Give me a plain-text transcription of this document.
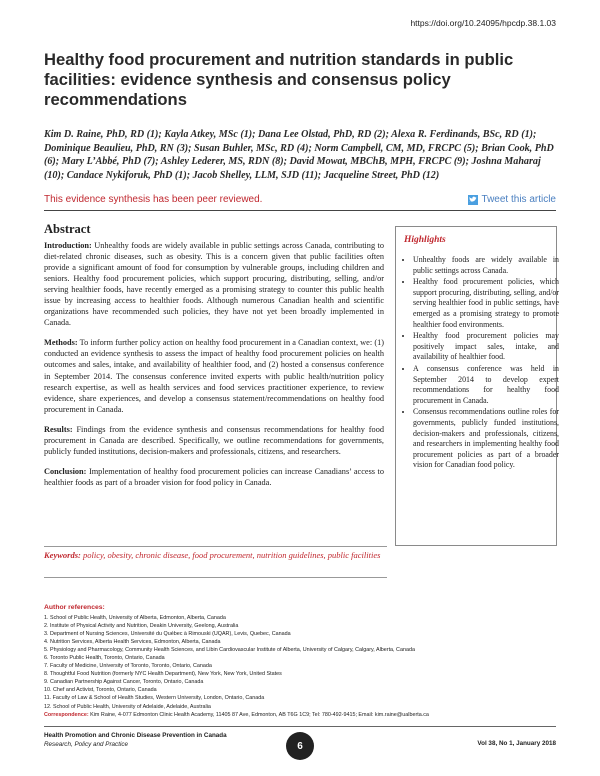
https://doi.org/10.24095/hpcdp.38.1.03
Healthy food procurement and nutrition standards in public facilities: evidence synthesis and consensus policy recommendations
Kim D. Raine, PhD, RD (1); Kayla Atkey, MSc (1); Dana Lee Olstad, PhD, RD (2); Alexa R. Ferdinands, BSc, RD (1); Dominique Beaulieu, PhD, RN (3); Susan Buhler, MSc, RD (4); Norm Campbell, CM, MD, FRCPC (5); Brian Cook, PhD (6); Mary L’Abbé, PhD (7); Ashley Lederer, MS, RDN (8); David Mowat, MBChB, MPH, FRCPC (9); Joshna Maharaj (10); Candace Nykiforuk, PhD (1); Jacob Shelley, LLM, SJD (11); Jacqueline Street, PhD (12)
This evidence synthesis has been peer reviewed.	Tweet this article
Abstract

Introduction: Unhealthy foods are widely available in public settings across Canada, contributing to diet-related chronic diseases, such as obesity. This is a concern given that public facilities often provide a significant amount of food for consumption by vulnerable groups, including children and seniors. Healthy food procurement policies, which support procuring, distributing, selling, and/or serving healthier foods, have recently emerged as a promising strategy to counter this public health issue by increasing access to healthier foods. Although numerous Canadian health and scientific organizations have recommended such policies, they have not yet been broadly implemented in Canada.

Methods: To inform further policy action on healthy food procurement in a Canadian context, we: (1) conducted an evidence synthesis to assess the impact of healthy food procurement policies on health outcomes and sales, intake, and availability of healthier food, and (2) hosted a consensus conference in September 2014. The consensus conference invited experts with public health/nutrition policy research expertise, as well as health services and food services practitioner experience, to review evidence, share experiences, and develop a consensus statement/recommendations on healthy food procurement in Canada.

Results: Findings from the evidence synthesis and consensus recommendations for healthy food procurement in Canada are described. Specifically, we outline recommendations for governments, publicly funded institutions, decision-makers and professionals, citizens, and researchers.

Conclusion: Implementation of healthy food procurement policies can increase Canadians’ access to healthier foods as part of a broader vision for food policy in Canada.

Keywords: policy, obesity, chronic disease, food procurement, nutrition guidelines, public facilities
Highlights
• Unhealthy foods are widely available in public settings across Canada.
• Healthy food procurement policies, which support procuring, distributing, selling, and/or serving healthier food in public settings, have emerged as a promising strategy to promote healthier food environments.
• Healthy food procurement policies may positively impact sales, intake, and availability of healthier food.
• A consensus conference was held in September 2014 to develop expert recommendations for healthy food procurement in Canada.
• Consensus recommendations outline roles for governments, publicly funded institutions, decision-makers and professionals, citizens, and researchers in implementing healthy food procurement policies as part of a broader vision for Canadian food policy.
Author references:
1. School of Public Health, University of Alberta, Edmonton, Alberta, Canada
2. Institute of Physical Activity and Nutrition, Deakin University, Geelong, Australia
3. Department of Nursing Sciences, Université du Québec à Rimouski (UQAR), Levis, Quebec, Canada
4. Nutrition Services, Alberta Health Services, Edmonton, Alberta, Canada
5. Physiology and Pharmacology, Community Health Sciences, and Libin Cardiovascular Institute of Alberta, University of Calgary, Calgary, Alberta, Canada
6. Toronto Public Health, Toronto, Ontario, Canada
7. Faculty of Medicine, University of Toronto, Toronto, Ontario, Canada
8. Thoughtful Food Nutrition (formerly NYC Health Department), New York, New York, United States
9. Canadian Partnership Against Cancer, Toronto, Ontario, Canada
10. Chef and Activist, Toronto, Ontario, Canada
11. Faculty of Law & School of Health Studies, Western University, London, Ontario, Canada
12. School of Public Health, University of Adelaide, Adelaide, Australia
Correspondence: Kim Raine, 4-077 Edmonton Clinic Health Academy, 11405 87 Ave, Edmonton, AB T6G 1C9; Tel: 780-492-9415; Email: kim.raine@ualberta.ca
Health Promotion and Chronic Disease Prevention in Canada
Research, Policy and Practice	6	Vol 38, No 1, January 2018
